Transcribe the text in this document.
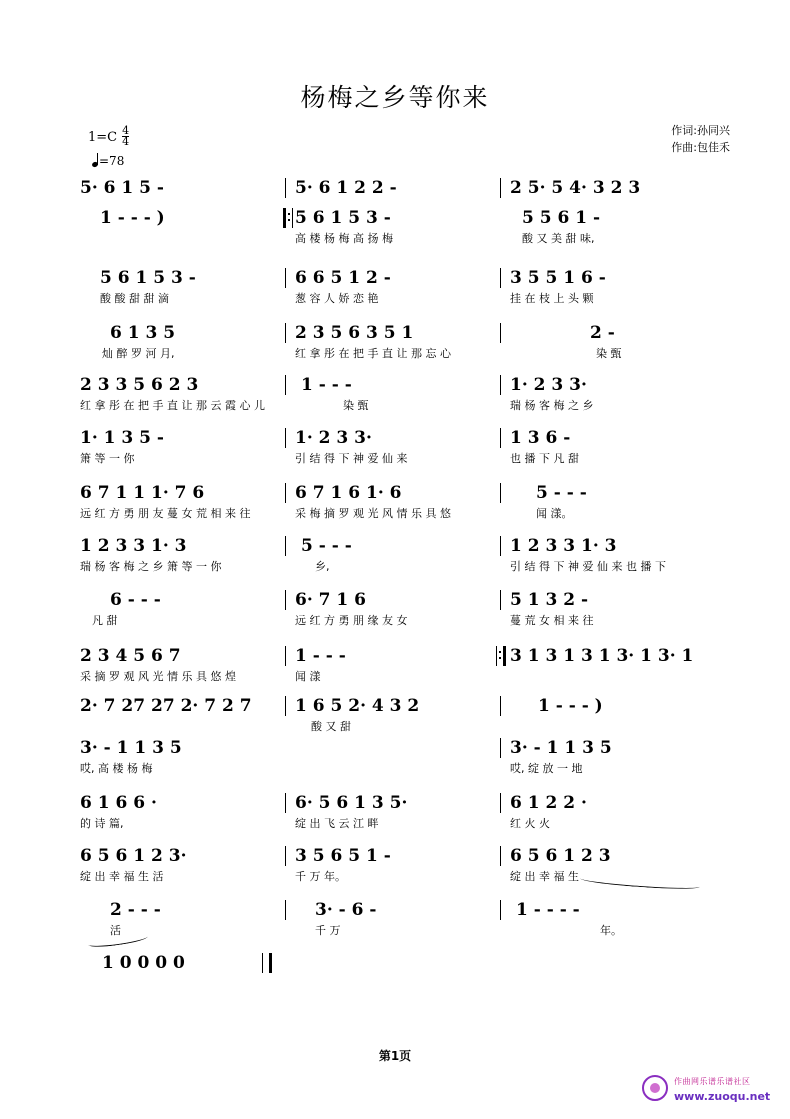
杨梅之乡等你来
作词:孙同兴
作曲:包佳禾
$1=C \frac{4}{4}$
=78
5· 6 1 5 -
1 - - - )
5 6 1 5 3 -
酸 酸 甜 甜 滴
6 1 3 5
灿 醉 罗 河 月,
2 3 3 5 6 2 3
红 拿 彤 在 把 手 直 让 那 云 霞 心 儿
1· 1 3 5 -
箫 等 一 你
6 7 1 1 1· 7 6
远 红 方 勇 朋 友 蔓 女 荒 相 来 往
1 2 3 3 1· 3
瑞 杨 客 梅 之 乡 箫 等 一 你
6 - - -
凡 甜
2 3 4 5 6 7
采 摘 罗 观 风 光 情 乐 具 悠 煌
2· 7 27 27 2· 7 2 7
3· - 1 1 3 5
哎, 高 楼 杨 梅
6 1 6 6 ·
的 诗 篇,
6 5 6 1 2 3·
绽 出 幸 福 生 活
2 - - -
活
1 0 0 0 0
5· 6 1 2 2 -
5 6 1 5 3 -
高 楼 杨 梅 高 扬 梅
6 6 5 1 2 -
葱 容 人 娇 恋 艳
2 3 5 6 3 5 1
红 拿 彤 在 把 手 直 让 那 忘 心
1 - - -
染 甄
1· 2 3 3·
引 结 得 下 神 爱 仙 来
6 7 1 6 1· 6
采 梅 摘 罗 观 光 风 情 乐 具 悠
5 - - -
乡,
6· 7 1 6
远 红 方 勇 朋 缘 友 女
1 - - -
闻 漾
1 6 5 2· 4 3 2
酸 又 甜
6· 5 6 1 3 5·
绽 出 飞 云 江 畔
3 5 6 5 1 -
千 万 年。
3· - 6 -
千 万
2 5· 5 4· 3 2 3
5 5 6 1 -
酸 又 美 甜 味,
3 5 5 1 6 -
挂 在 枝 上 头 颗
2 -
染 甄
1· 2 3 3·
瑞 杨 客 梅 之 乡
1 3 6 -
也 播 下 凡 甜
5 - - -
闻 漾。
1 2 3 3 1· 3
引 结 得 下 神 爱 仙 来 也 播 下
5 1 3 2 -
蔓 荒 女 相 来 往
3 1 3 1 3 1 3· 1 3· 1
1 - - - )
3· - 1 1 3 5
哎, 绽 放 一 地
6 1 2 2 ·
红 火 火
6 5 6 1 2 3
绽 出 幸 福 生
1 - - - -
年。
第1页
作曲网乐谱乐谱社区
www.zuoqu.net
